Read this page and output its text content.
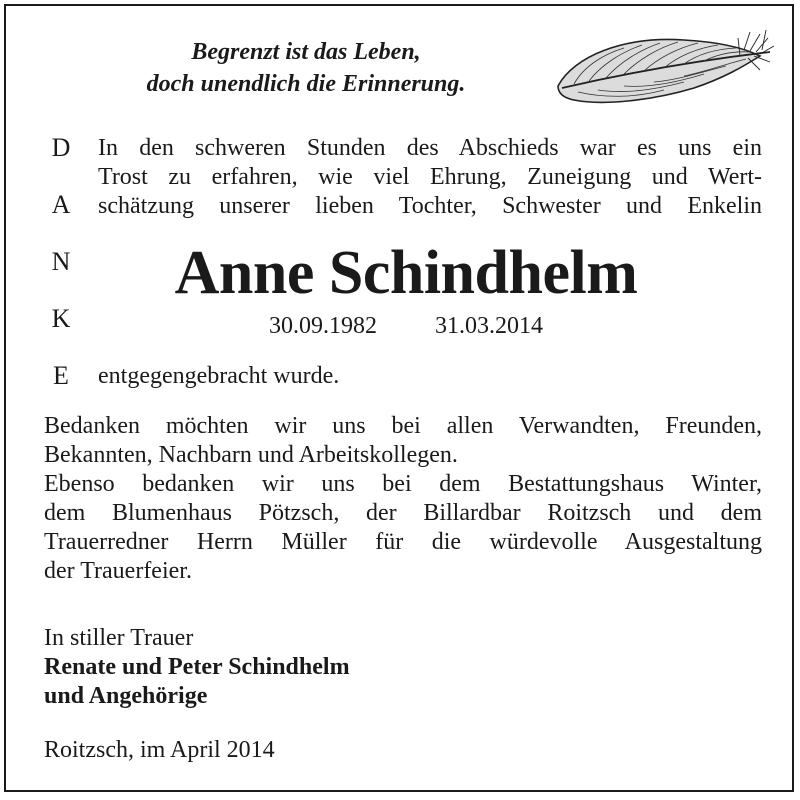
Begrenzt ist das Leben,
doch unendlich die Erinnerung.
D
A
N
K
E
In den schweren Stunden des Abschieds war es uns ein
Trost zu erfahren, wie viel Ehrung, Zuneigung und Wert-
schätzung unserer lieben Tochter, Schwester und Enkelin
Anne Schindhelm
30.09.1982 31.03.2014
entgegengebracht wurde.
Bedanken möchten wir uns bei allen Verwandten, Freunden,
Bekannten, Nachbarn und Arbeitskollegen.
Ebenso bedanken wir uns bei dem Bestattungshaus Winter,
dem Blumenhaus Pötzsch, der Billardbar Roitzsch und dem
Trauerredner Herrn Müller für die würdevolle Ausgestaltung
der Trauerfeier.
In stiller Trauer
Renate und Peter Schindhelm
und Angehörige
Roitzsch, im April 2014
